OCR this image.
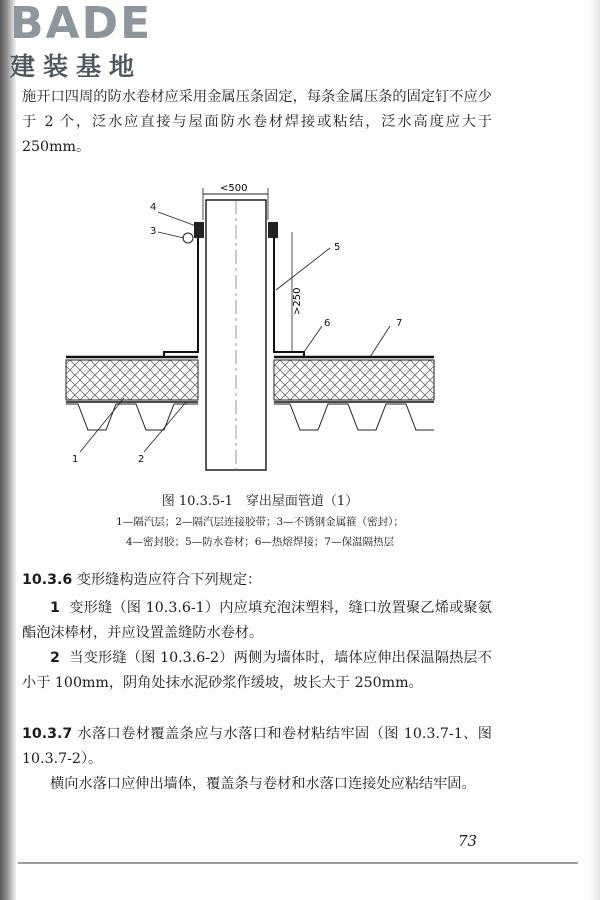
BADE
建装基地
施开口四周的防水卷材应采用金属压条固定，每条金属压条的固定钉不应少于 2 个，泛水应直接与屋面防水卷材焊接或粘结，泛水高度应大于 250mm。
<500
>250
4
3
5
6	7
1	2
图 10.3.5-1　穿出屋面管道（1）
1—隔汽层；2—隔汽层连接胶带；3—不锈钢金属箍（密封）；
4—密封胶；5—防水卷材；6—热熔焊接；7—保温隔热层
10.3.6 变形缝构造应符合下列规定：
1 变形缝（图 10.3.6-1）内应填充泡沫塑料，缝口放置聚乙烯或聚氨酯泡沫棒材，并应设置盖缝防水卷材。
2 当变形缝（图 10.3.6-2）两侧为墙体时，墙体应伸出保温隔热层不小于 100mm，阴角处抹水泥砂浆作缓坡，坡长大于 250mm。
10.3.7 水落口卷材覆盖条应与水落口和卷材粘结牢固（图 10.3.7-1、图 10.3.7-2）。
横向水落口应伸出墙体，覆盖条与卷材和水落口连接处应粘结牢固。
73
